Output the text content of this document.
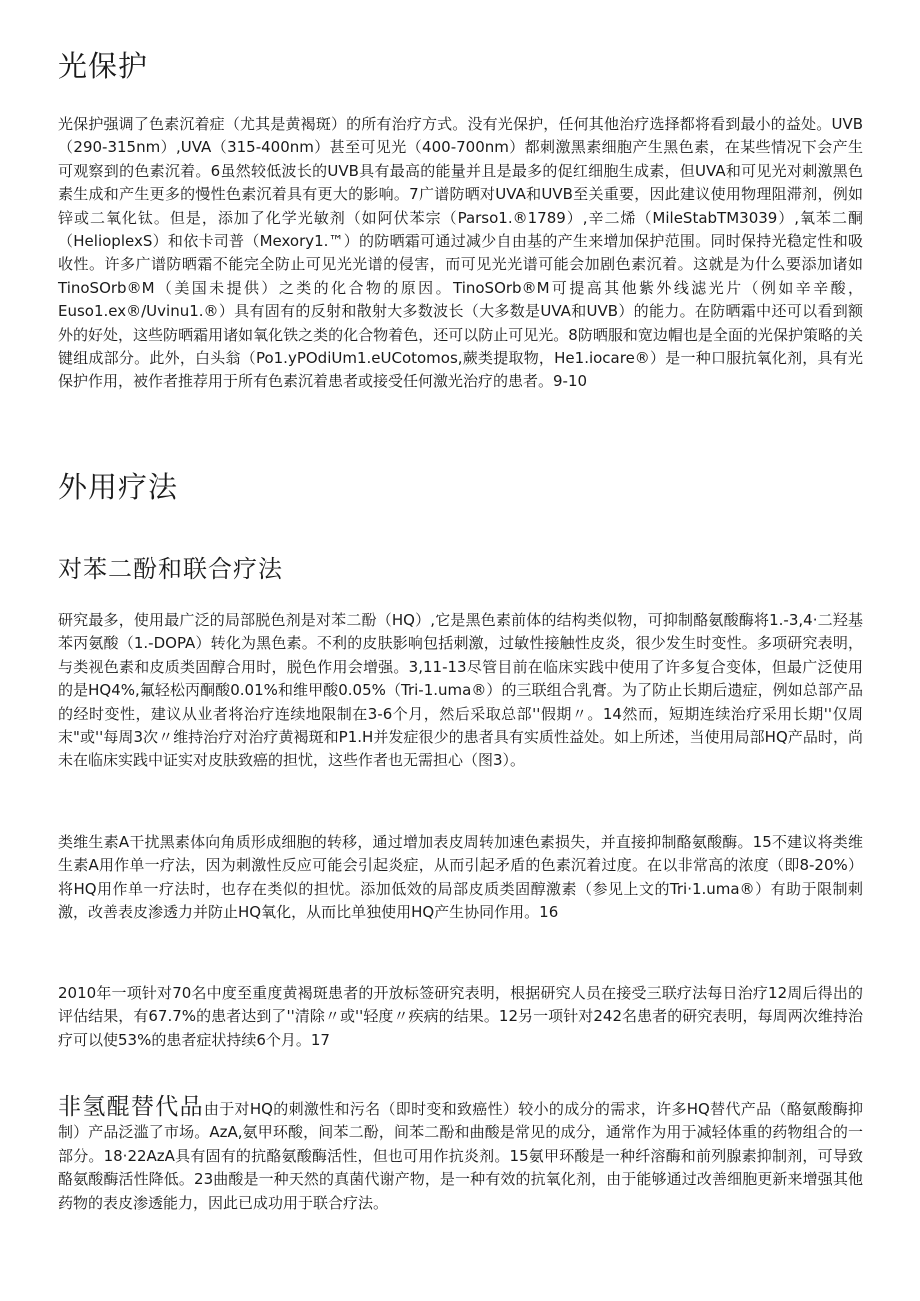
光保护

光保护强调了色素沉着症（尤其是黄褐斑）的所有治疗方式。没有光保护，任何其他治疗选择都将看到最小的益处。UVB（290-315nm）,UVA（315-400nm）甚至可见光（400-700nm）都刺激黑素细胞产生黑色素，在某些情况下会产生可观察到的色素沉着。6虽然较低波长的UVB具有最高的能量并且是最多的促红细胞生成素，但UVA和可见光对刺激黑色素生成和产生更多的慢性色素沉着具有更大的影响。7广谱防晒对UVA和UVB至关重要，因此建议使用物理阻滞剂，例如锌或二氧化钛。但是，添加了化学光敏剂（如阿伏苯宗（Parso1.®1789）,辛二烯（MileStabTM3039）,氧苯二酮（HelioplexS）和依卡司普（Mexory1.™）的防晒霜可通过减少自由基的产生来增加保护范围。同时保持光稳定性和吸收性。许多广谱防晒霜不能完全防止可见光光谱的侵害，而可见光光谱可能会加剧色素沉着。这就是为什么要添加诸如TinoSOrb®M（美国未提供）之类的化合物的原因。TinoSOrb®M可提高其他紫外线滤光片（例如辛辛酸，Euso1.ex®/Uvinu1.®）具有固有的反射和散射大多数波长（大多数是UVA和UVB）的能力。在防晒霜中还可以看到额外的好处，这些防晒霜用诸如氧化铁之类的化合物着色，还可以防止可见光。8防晒服和宽边帽也是全面的光保护策略的关键组成部分。此外，白头翁（Po1.yPOdiUm1.eUCotomos,蕨类提取物，He1.iocare®）是一种口服抗氧化剂，具有光保护作用，被作者推荐用于所有色素沉着患者或接受任何激光治疗的患者。9-10

外用疗法
对苯二酚和联合疗法

研究最多，使用最广泛的局部脱色剂是对苯二酚（HQ）,它是黑色素前体的结构类似物，可抑制酪氨酸酶将1.-3,4·二羟基苯丙氨酸（1.-DOPA）转化为黑色素。不利的皮肤影响包括刺激，过敏性接触性皮炎，很少发生时变性。多项研究表明，与类视色素和皮质类固醇合用时，脱色作用会增强。3,11-13尽管目前在临床实践中使用了许多复合变体，但最广泛使用的是HQ4%,氟轻松丙酮酸0.01%和维甲酸0.05%（Tri-1.uma®）的三联组合乳膏。为了防止长期后遗症，例如总部产品的经时变性，建议从业者将治疗连续地限制在3-6个月，然后采取总部''假期〃。14然而，短期连续治疗采用长期''仅周末"或''每周3次〃维持治疗对治疗黄褐斑和P1.H并发症很少的患者具有实质性益处。如上所述，当使用局部HQ产品时，尚未在临床实践中证实对皮肤致癌的担忧，这些作者也无需担心（图3）。

类维生素A干扰黑素体向角质形成细胞的转移，通过增加表皮周转加速色素损失，并直接抑制酪氨酸酶。15不建议将类维生素A用作单一疗法，因为刺激性反应可能会引起炎症，从而引起矛盾的色素沉着过度。在以非常高的浓度（即8-20%）将HQ用作单一疗法时，也存在类似的担忧。添加低效的局部皮质类固醇激素（参见上文的Tri·1.uma®）有助于限制刺激，改善表皮渗透力并防止HQ氧化，从而比单独使用HQ产生协同作用。16

2010年一项针对70名中度至重度黄褐斑患者的开放标签研究表明，根据研究人员在接受三联疗法每日治疗12周后得出的评估结果，有67.7%的患者达到了''清除〃或''轻度〃疾病的结果。12另一项针对242名患者的研究表明，每周两次维持治疗可以使53%的患者症状持续6个月。17

非氢醌替代品由于对HQ的刺激性和污名（即时变和致癌性）较小的成分的需求，许多HQ替代产品（酪氨酸酶抑制）产品泛滥了市场。AzA,氨甲环酸，间苯二酚，间苯二酚和曲酸是常见的成分，通常作为用于减轻体重的药物组合的一部分。18·22AzA具有固有的抗酪氨酸酶活性，但也可用作抗炎剂。15氨甲环酸是一种纤溶酶和前列腺素抑制剂，可导致酪氨酸酶活性降低。23曲酸是一种天然的真菌代谢产物，是一种有效的抗氧化剂，由于能够通过改善细胞更新来增强其他药物的表皮渗透能力，因此已成功用于联合疗法。
